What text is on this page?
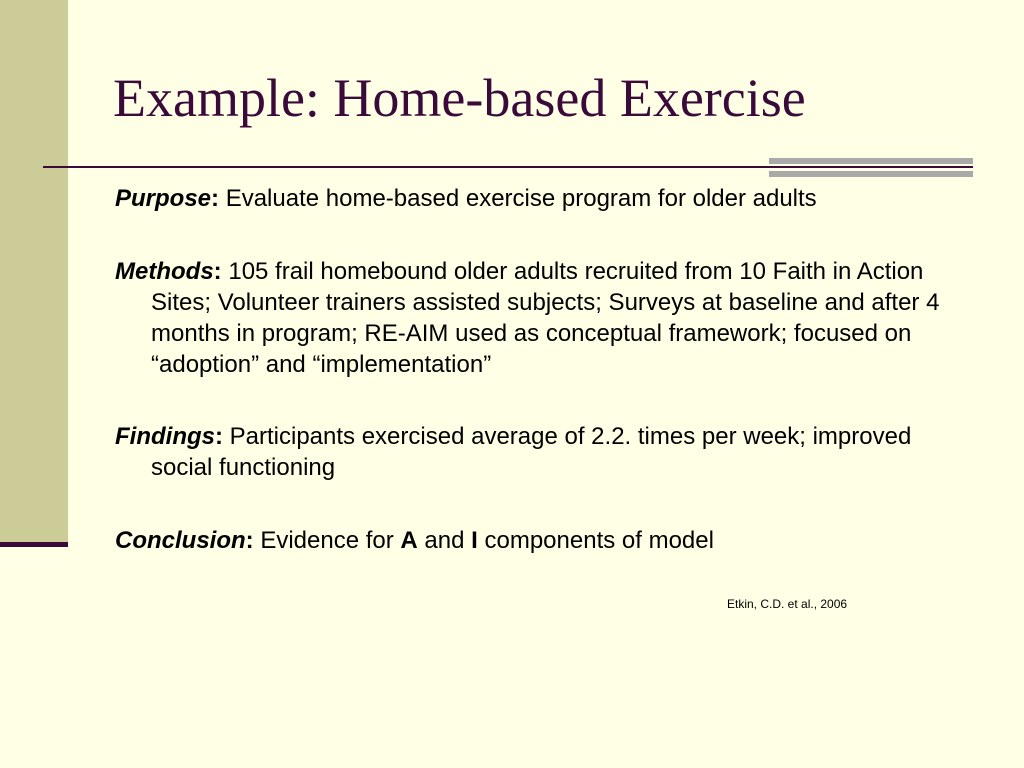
Example: Home-based Exercise

Purpose: Evaluate home-based exercise program for older adults

Methods: 105 frail homebound older adults recruited from 10 Faith in Action Sites; Volunteer trainers assisted subjects; Surveys at baseline and after 4 months in program; RE-AIM used as conceptual framework; focused on “adoption” and “implementation”

Findings: Participants exercised average of 2.2. times per week; improved social functioning

Conclusion: Evidence for A and I components of model

Etkin, C.D. et al., 2006
